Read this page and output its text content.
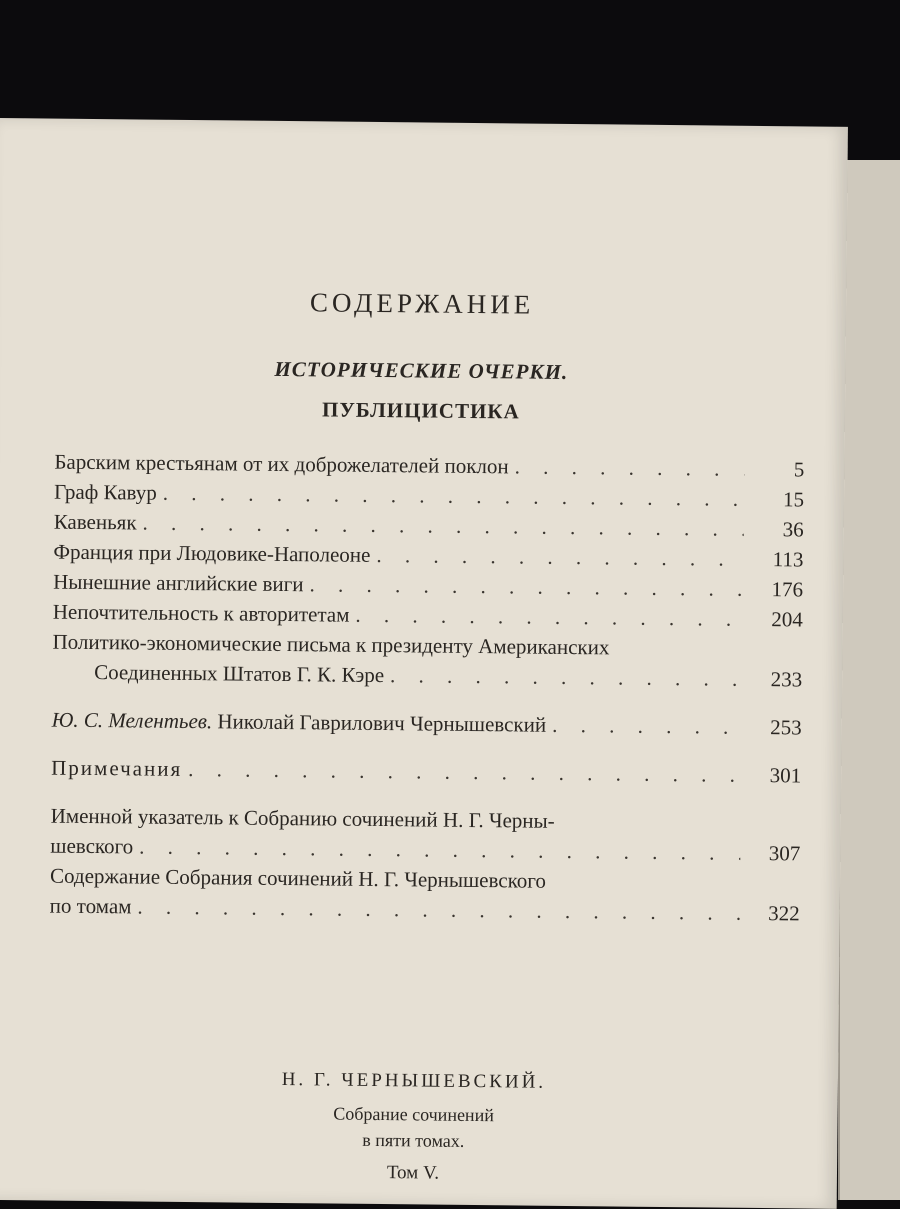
СОДЕРЖАНИЕ
ИСТОРИЧЕСКИЕ ОЧЕРКИ.
ПУБЛИЦИСТИКА
Барским крестьянам от их доброжелателей поклон . . .	5
Граф Кавур . . .	15
Кавеньяк . . .	36
Франция при Людовике-Наполеоне . . .	113
Нынешние английские виги . . .	176
Непочтительность к авторитетам . . .	204
Политико-экономические письма к президенту Американских
Соединенных Штатов Г. К. Кэре . . .	233
Ю. С. Мелентьев. Николай Гаврилович Чернышевский . . .	253
Примечания . . .	301
Именной указатель к Собранию сочинений Н. Г. Черны-
шевского . . .	307
Содержание Собрания сочинений Н. Г. Чернышевского
по томам . . .	322
Н. Г. ЧЕРНЫШЕВСКИЙ.
Собрание сочинений
в пяти томах.
Том V.
